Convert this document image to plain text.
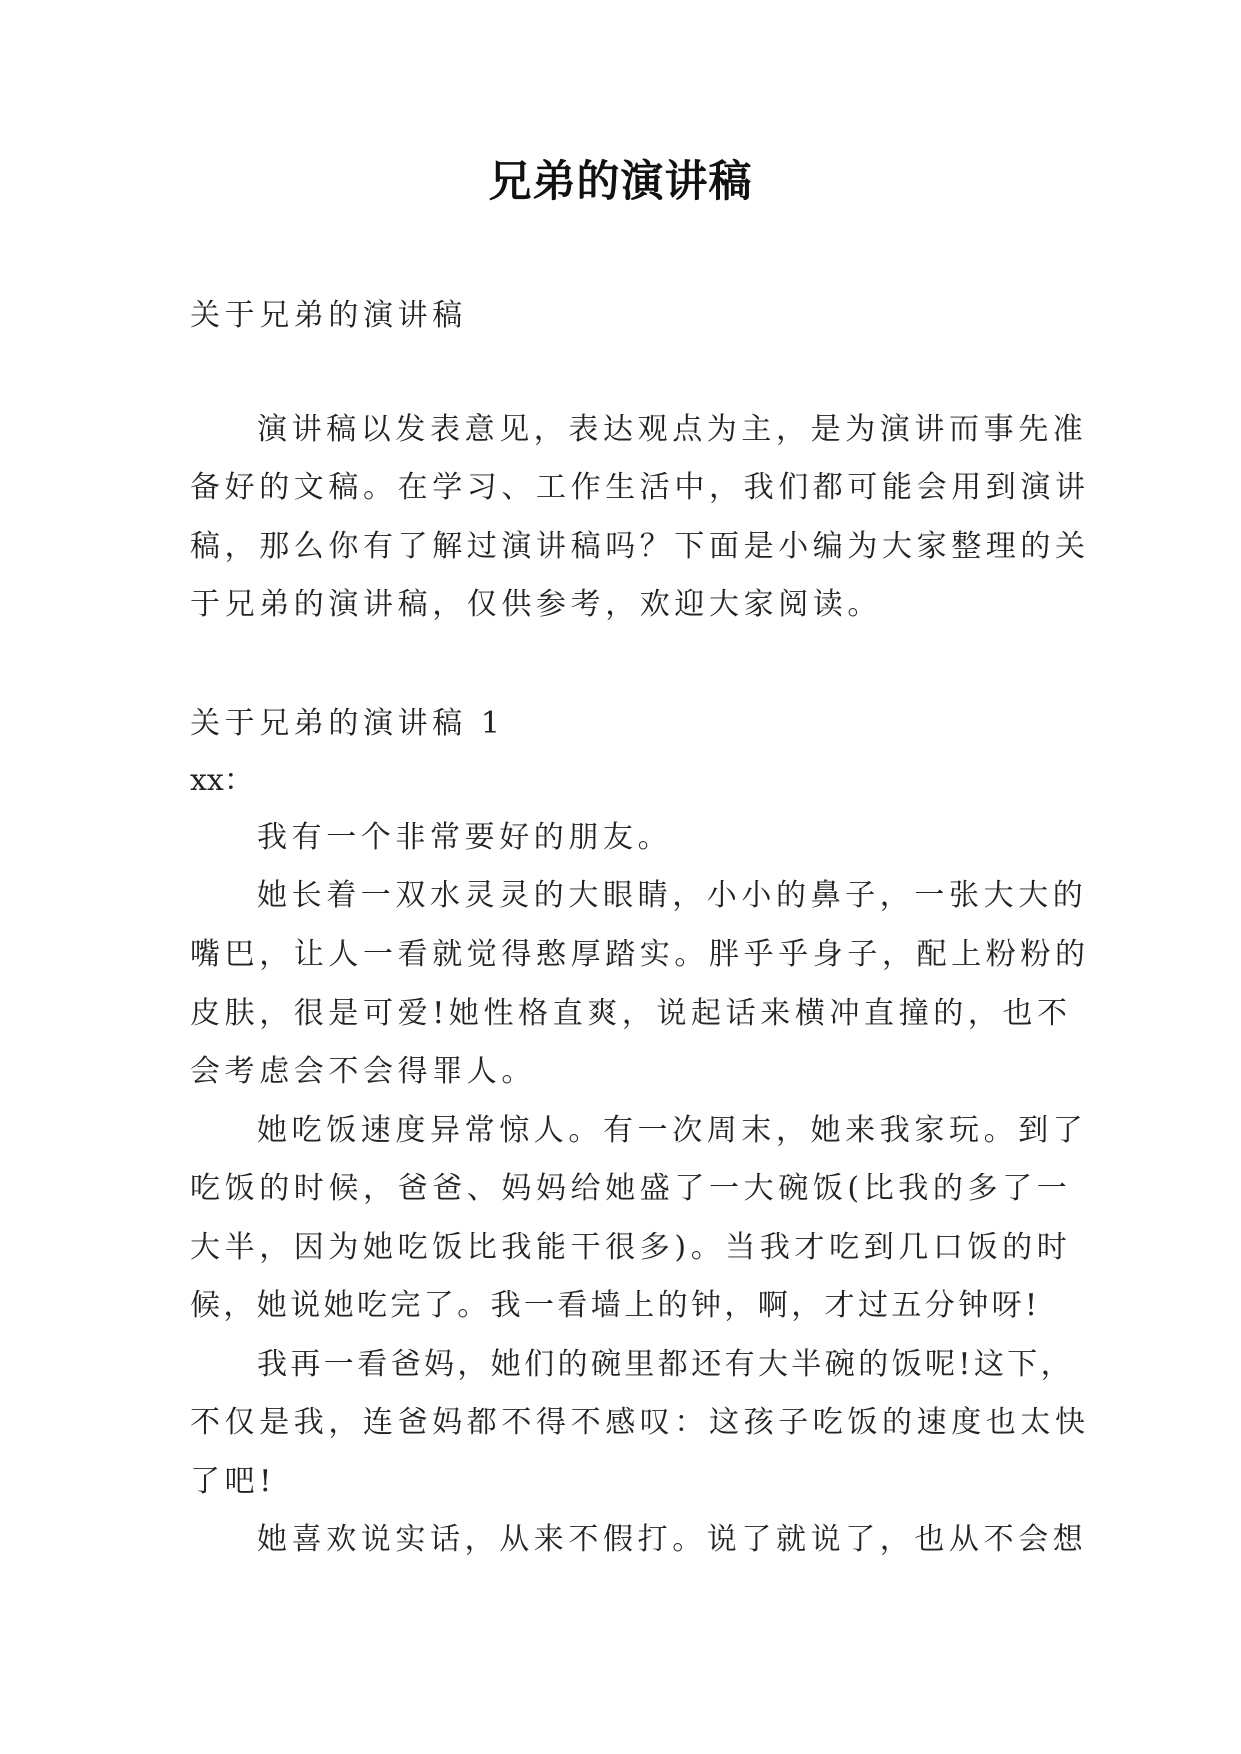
兄弟的演讲稿
关于兄弟的演讲稿
演讲稿以发表意见，表达观点为主，是为演讲而事先准
备好的文稿。在学习、工作生活中，我们都可能会用到演讲
稿，那么你有了解过演讲稿吗？下面是小编为大家整理的关
于兄弟的演讲稿，仅供参考，欢迎大家阅读。
关于兄弟的演讲稿 1
xx：
我有一个非常要好的朋友。
她长着一双水灵灵的大眼睛，小小的鼻子，一张大大的
嘴巴，让人一看就觉得憨厚踏实。胖乎乎身子，配上粉粉的
皮肤，很是可爱!她性格直爽，说起话来横冲直撞的，也不
会考虑会不会得罪人。
她吃饭速度异常惊人。有一次周末，她来我家玩。到了
吃饭的时候，爸爸、妈妈给她盛了一大碗饭(比我的多了一
大半，因为她吃饭比我能干很多)。当我才吃到几口饭的时
候，她说她吃完了。我一看墙上的钟，啊，才过五分钟呀!
我再一看爸妈，她们的碗里都还有大半碗的饭呢!这下，
不仅是我，连爸妈都不得不感叹：这孩子吃饭的速度也太快
了吧!
她喜欢说实话，从来不假打。说了就说了，也从不会想
